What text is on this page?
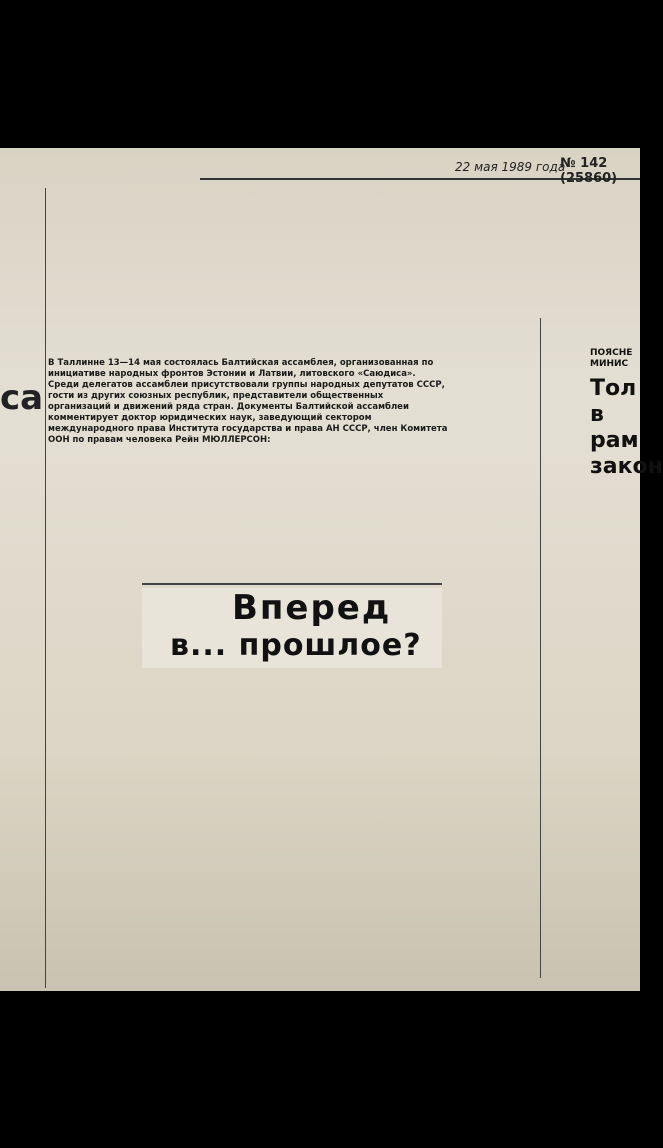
22 мая 1989 года
№ 142 (25860)
са
В Таллинне 13—14 мая состоялась Балтийская ассамблея, организованная по инициативе народных фронтов Эстонии и Латвии, литовского «Саюдиса». Среди делегатов ассамблеи присутствовали группы народных депутатов СССР, гости из других союзных республик, представители общественных организаций и движений ряда стран. Документы Балтийской ассамблеи комментирует доктор юридических наук, заведующий сектором международного права Института государства и права АН СССР, член Комитета ООН по правам человека Рейн МЮЛЛЕРСОН:
Вперед
в... прошлое?
ПОЯСНЕ МИНИС
Тол в рам закон
